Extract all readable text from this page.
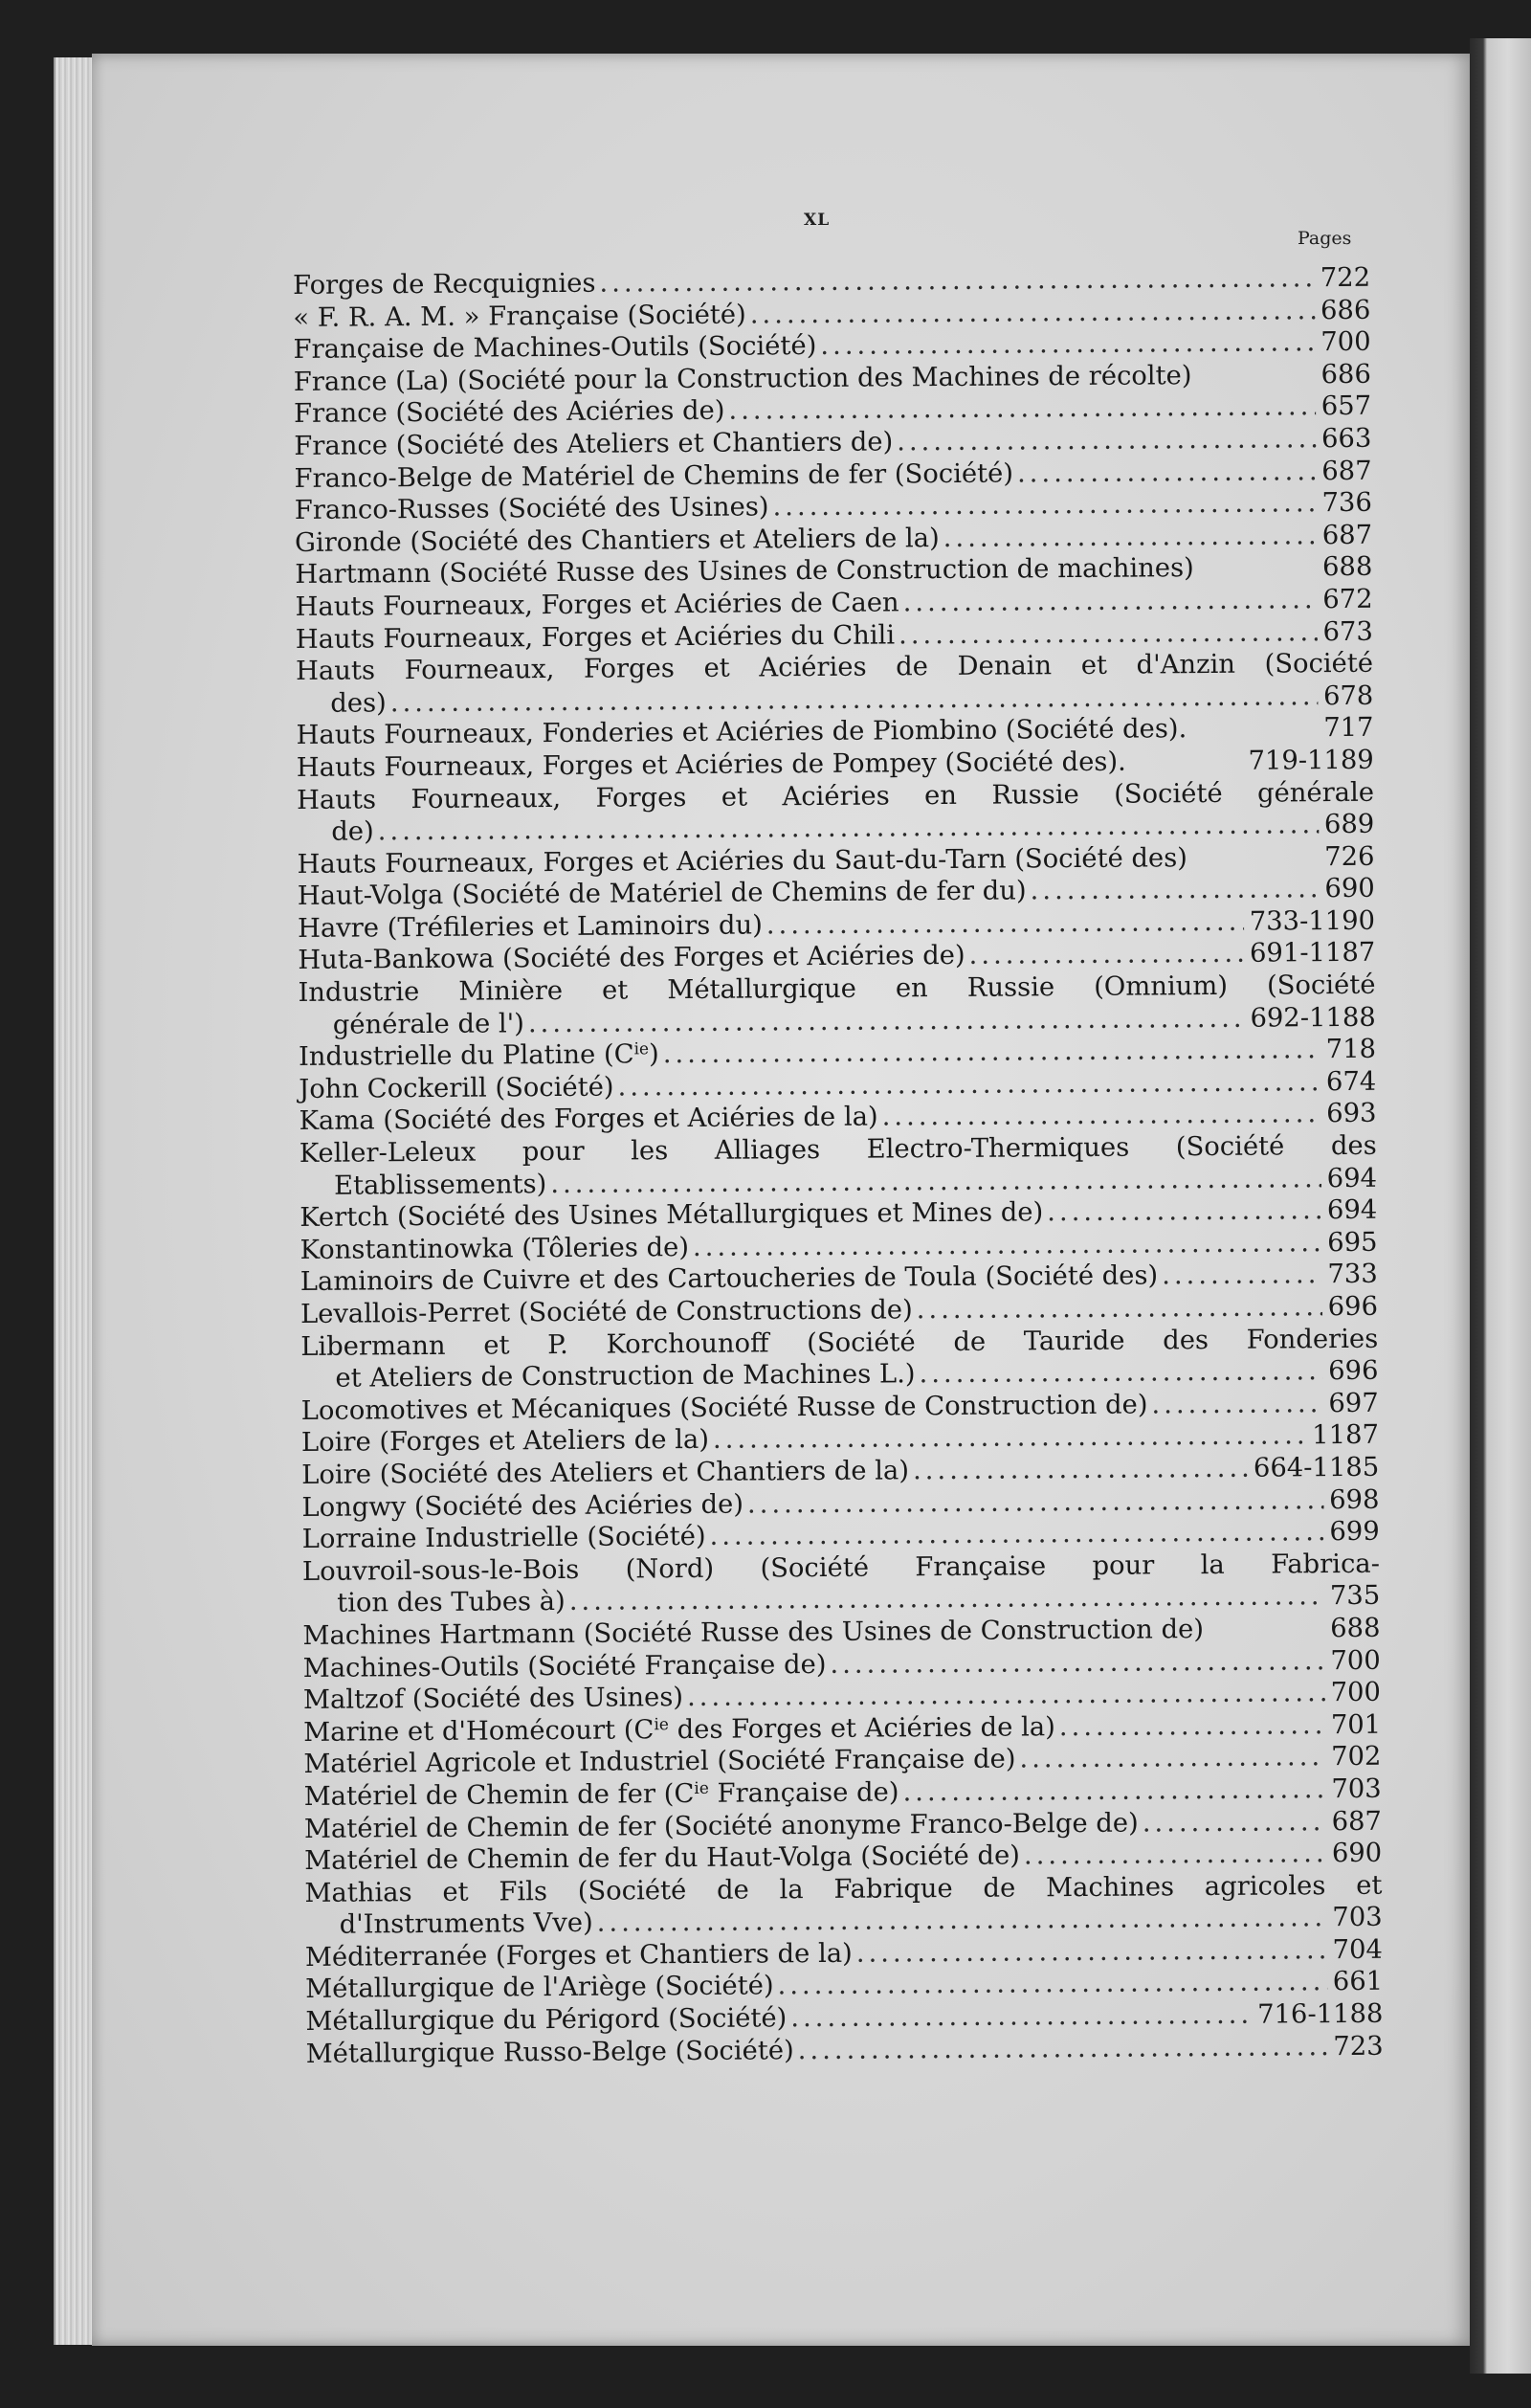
XL
Pages
Forges de Recquignies .....	722
« F. R. A. M. » Française (Société) .....	686
Française de Machines-Outils (Société) .....	700
France (La) (Société pour la Construction des Machines de récolte)	686
France (Société des Aciéries de) .....	657
France (Société des Ateliers et Chantiers de) .....	663
Franco-Belge de Matériel de Chemins de fer (Société) .....	687
Franco-Russes (Société des Usines) .....	736
Gironde (Société des Chantiers et Ateliers de la) .....	687
Hartmann (Société Russe des Usines de Construction de machines)	688
Hauts Fourneaux, Forges et Aciéries de Caen .....	672
Hauts Fourneaux, Forges et Aciéries du Chili .....	673
Hauts Fourneaux, Forges et Aciéries de Denain et d'Anzin (Société
des) .....	678
Hauts Fourneaux, Fonderies et Aciéries de Piombino (Société des).	717
Hauts Fourneaux, Forges et Aciéries de Pompey (Société des).	719-1189
Hauts Fourneaux, Forges et Aciéries en Russie (Société générale
de) .....	689
Hauts Fourneaux, Forges et Aciéries du Saut-du-Tarn (Société des)	726
Haut-Volga (Société de Matériel de Chemins de fer du) .....	690
Havre (Tréfileries et Laminoirs du) .....	733-1190
Huta-Bankowa (Société des Forges et Aciéries de) .....	691-1187
Industrie Minière et Métallurgique en Russie (Omnium) (Société
générale de l') .....	692-1188
Industrielle du Platine $(C^{ie})$ .....	718
John Cockerill (Société) .....	674
Kama (Société des Forges et Aciéries de la) .....	693
Keller-Leleux pour les Alliages Electro-Thermiques (Société des
Etablissements) .....	694
Kertch (Société des Usines Métallurgiques et Mines de) .....	694
Konstantinowka (Tôleries de) .....	695
Laminoirs de Cuivre et des Cartoucheries de Toula (Société des) .....	733
Levallois-Perret (Société de Constructions de) .....	696
Libermann et P. Korchounoff (Société de Tauride des Fonderies
et Ateliers de Construction de Machines L.) .....	696
Locomotives et Mécaniques (Société Russe de Construction de) .....	697
Loire (Forges et Ateliers de la) .....	1187
Loire (Société des Ateliers et Chantiers de la) .....	664-1185
Longwy (Société des Aciéries de) .....	698
Lorraine Industrielle (Société) .....	699
Louvroil-sous-le-Bois (Nord) (Société Française pour la Fabrica-
tion des Tubes à) .....	735
Machines Hartmann (Société Russe des Usines de Construction de)	688
Machines-Outils (Société Française de) .....	700
Maltzof (Société des Usines) .....	700
Marine et d'Homécourt ($C^{ie}$ des Forges et Aciéries de la) .....	701
Matériel Agricole et Industriel (Société Française de) .....	702
Matériel de Chemin de fer ($C^{ie}$ Française de) .....	703
Matériel de Chemin de fer (Société anonyme Franco-Belge de) .....	687
Matériel de Chemin de fer du Haut-Volga (Société de) .....	690
Mathias et Fils (Société de la Fabrique de Machines agricoles et
d'Instruments Vve) .....	703
Méditerranée (Forges et Chantiers de la) .....	704
Métallurgique de l'Ariège (Société) .....	661
Métallurgique du Périgord (Société) .....	716-1188
Métallurgique Russo-Belge (Société) .....	723
